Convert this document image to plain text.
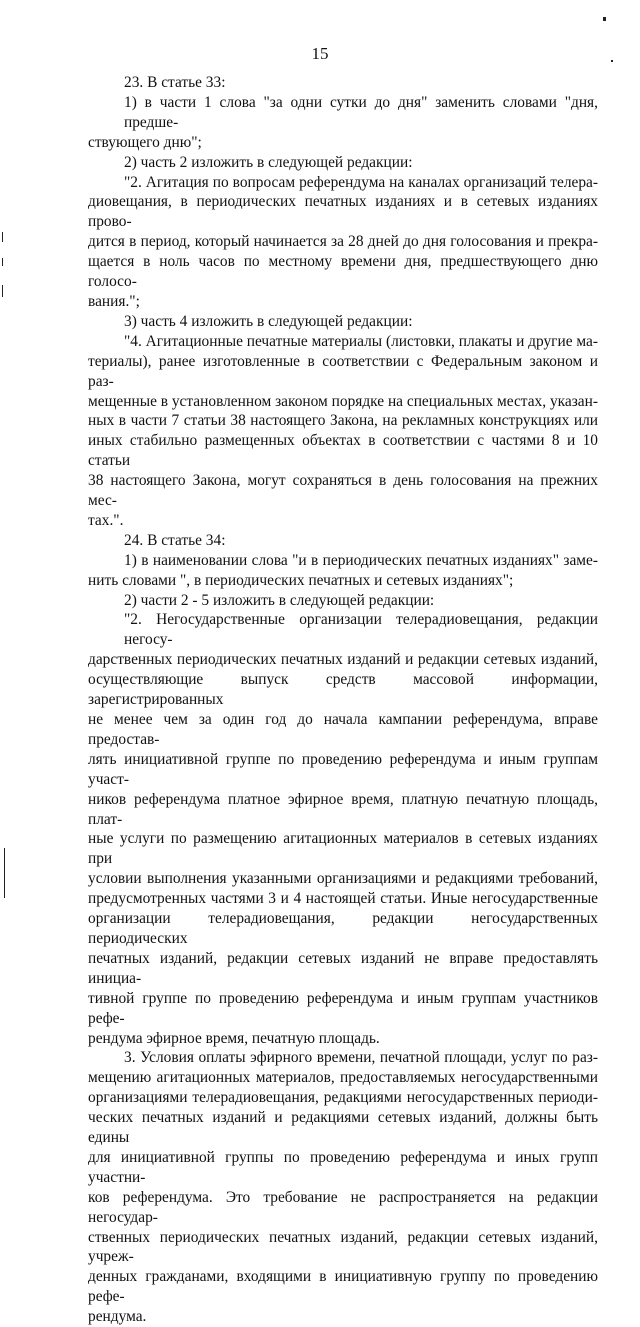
15
23. В статье 33:
1) в части 1 слова "за одни сутки до дня" заменить словами "дня, предше-
ствующего дню";
2) часть 2 изложить в следующей редакции:
"2. Агитация по вопросам референдума на каналах организаций телера-
диовещания, в периодических печатных изданиях и в сетевых изданиях прово-
дится в период, который начинается за 28 дней до дня голосования и прекра-
щается в ноль часов по местному времени дня, предшествующего дню голосо-
вания.";
3) часть 4 изложить в следующей редакции:
"4. Агитационные печатные материалы (листовки, плакаты и другие ма-
териалы), ранее изготовленные в соответствии с Федеральным законом и раз-
мещенные в установленном законом порядке на специальных местах, указан-
ных в части 7 статьи 38 настоящего Закона, на рекламных конструкциях или
иных стабильно размещенных объектах в соответствии с частями 8 и 10 статьи
38 настоящего Закона, могут сохраняться в день голосования на прежних мес-
тах.".
24. В статье 34:
1) в наименовании слова "и в периодических печатных изданиях" заме-
нить словами ", в периодических печатных и сетевых изданиях";
2) части 2 - 5 изложить в следующей редакции:
"2. Негосударственные организации телерадиовещания, редакции негосу-
дарственных периодических печатных изданий и редакции сетевых изданий,
осуществляющие выпуск средств массовой информации, зарегистрированных
не менее чем за один год до начала кампании референдума, вправе предостав-
лять инициативной группе по проведению референдума и иным группам участ-
ников референдума платное эфирное время, платную печатную площадь, плат-
ные услуги по размещению агитационных материалов в сетевых изданиях при
условии выполнения указанными организациями и редакциями требований,
предусмотренных частями 3 и 4 настоящей статьи. Иные негосударственные
организации телерадиовещания, редакции негосударственных периодических
печатных изданий, редакции сетевых изданий не вправе предоставлять инициа-
тивной группе по проведению референдума и иным группам участников рефе-
рендума эфирное время, печатную площадь.
3. Условия оплаты эфирного времени, печатной площади, услуг по раз-
мещению агитационных материалов, предоставляемых негосударственными
организациями телерадиовещания, редакциями негосударственных периоди-
ческих печатных изданий и редакциями сетевых изданий, должны быть едины
для инициативной группы по проведению референдума и иных групп участни-
ков референдума. Это требование не распространяется на редакции негосудар-
ственных периодических печатных изданий, редакции сетевых изданий, учреж-
денных гражданами, входящими в инициативную группу по проведению рефе-
рендума.
